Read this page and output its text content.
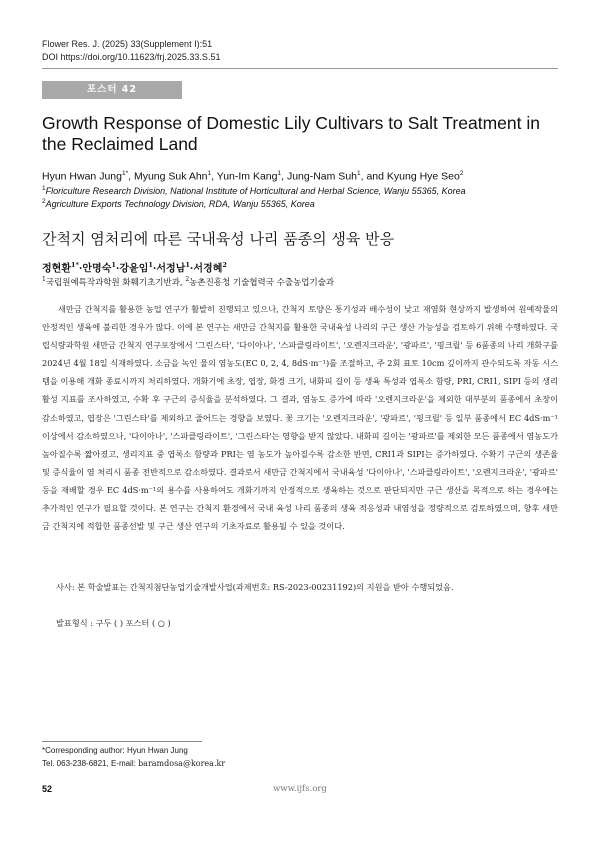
Flower Res. J. (2025) 33(Supplement I):51
DOI https://doi.org/10.11623/frj.2025.33.S.51
포스터 42
Growth Response of Domestic Lily Cultivars to Salt Treatment in the Reclaimed Land
Hyun Hwan Jung$^{1*}$, Myung Suk Ahn$^1$, Yun-Im Kang$^1$, Jung-Nam Suh$^1$, and Kyung Hye Seo$^2$
$^1$Floriculture Research Division, National Institute of Horticultural and Herbal Science, Wanju 55365, Korea
$^2$Agriculture Exports Technology Division, RDA, Wanju 55365, Korea
간척지 염처리에 따른 국내육성 나리 품종의 생육 반응
정현환$^{1*}$·안명숙$^1$·강윤임$^1$·서정남$^1$·서경혜$^2$
$^1$국립원예특작과학원 화훼기초기반과, $^2$농촌진흥청 기술협력국 수출농업기술과
새만금 간척지를 활용한 농업 연구가 활발히 진행되고 있으나, 간척지 토양은 통기성과 배수성이 낮고 재염화 현상까지 발생하여 원예작물의 안정적인 생육에 불리한 경우가 많다. 이에 본 연구는 새만금 간척지를 활용한 국내육성 나리의 구근 생산 가능성을 검토하기 위해 수행하였다. 국립식량과학원 새만금 간척지 연구포장에서 '그린스타', '다이아나', '스파클링라이트', '오렌지크라운', '광파르', '핑크릴' 등 6품종의 나리 개화구를 2024년 4월 18일 식재하였다. 소금을 녹인 물의 염농도(EC 0, 2, 4, 8dS·m⁻¹)를 조절하고, 주 2회 표토 10cm 깊이까지 관수되도록 자동 시스템을 이용해 개화 종료시까지 처리하였다. 개화기에 초장, 엽장, 화경 크기, 내화피 길이 등 생육 특성과 엽록소 함량, PRI, CRI1, SIPI 등의 생리 활성 지표를 조사하였고, 수확 후 구근의 증식율을 분석하였다. 그 결과, 염농도 증가에 따라 '오렌지크라운'을 제외한 대부분의 품종에서 초장이 감소하였고, 엽장은 '그린스타'를 제외하고 줄어드는 경향을 보였다. 꽃 크기는 '오렌지크라운', '광파르', '핑크릴' 등 일부 품종에서 EC 4dS·m⁻¹ 이상에서 감소하였으나, '다이아나', '스파클링라이트', '그린스타'는 영향을 받지 않았다. 내화피 길이는 '광파르'를 제외한 모든 품종에서 염농도가 높아질수록 짧아졌고, 생리지표 중 엽록소 함량과 PRI는 염 농도가 높아질수록 감소한 반면, CRI1과 SIPI는 증가하였다. 수확기 구근의 생존율 및 증식율이 염 처리시 품종 전반적으로 감소하였다. 결과로서 새만금 간척지에서 국내육성 '다이아나', '스파클링라이트', '오렌지크라운', '광파르' 등을 재배할 경우 EC 4dS·m⁻¹의 용수를 사용하여도 개화기까지 안정적으로 생육하는 것으로 판단되지만 구근 생산을 목적으로 하는 경우에는 추가적인 연구가 필요할 것이다. 본 연구는 간척지 환경에서 국내 육성 나리 품종의 생육 적응성과 내염성을 정량적으로 검토하였으며, 향후 새만금 간척지에 적합한 품종선발 및 구근 생산 연구의 기초자료로 활용될 수 있을 것이다.
사사: 본 학술발표는 간척지첨단농업기술개발사업(과제번호: RS-2023-00231192)의 지원을 받아 수행되었음.
발표형식 : 구두 ( ) 포스터 ( ○ )
*Corresponding author: Hyun Hwan Jung
Tel. 063-238-6821, E-mail: baramdosa@korea.kr
www.ijfs.org
52
